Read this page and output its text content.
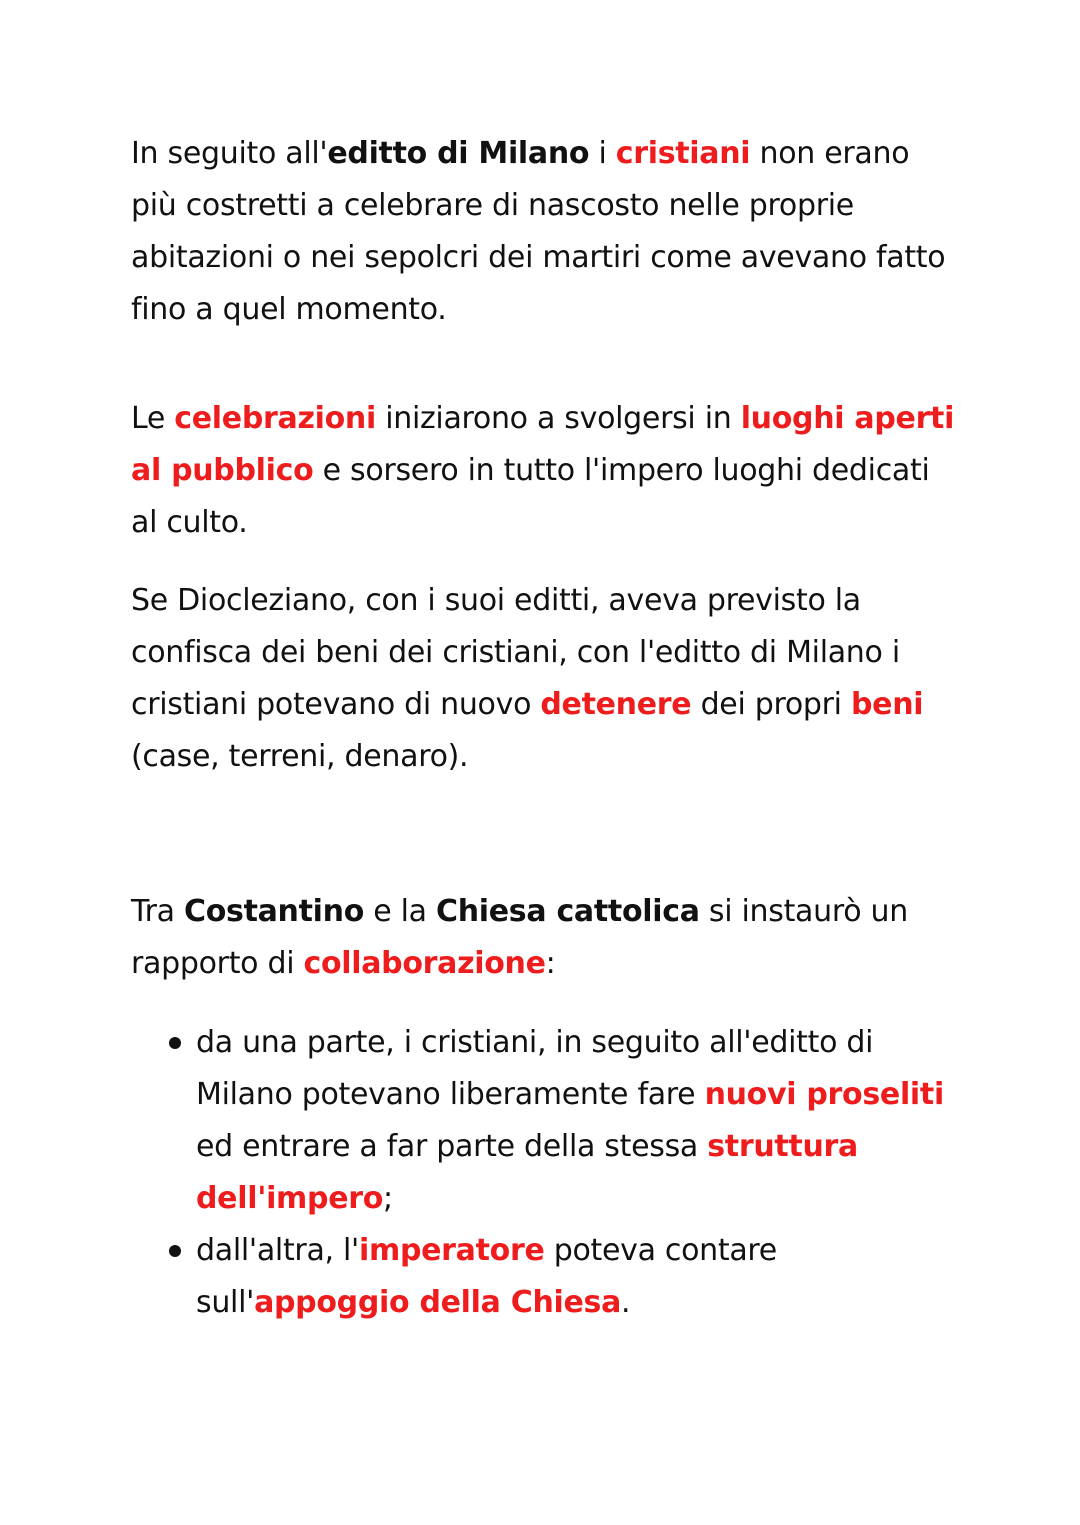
In seguito all'editto di Milano i cristiani non erano più costretti a celebrare di nascosto nelle proprie abitazioni o nei sepolcri dei martiri come avevano fatto fino a quel momento.

Le celebrazioni iniziarono a svolgersi in luoghi aperti al pubblico e sorsero in tutto l'impero luoghi dedicati al culto.

Se Diocleziano, con i suoi editti, aveva previsto la confisca dei beni dei cristiani, con l'editto di Milano i cristiani potevano di nuovo detenere dei propri beni (case, terreni, denaro).

Tra Costantino e la Chiesa cattolica si instaurò un rapporto di collaborazione:

da una parte, i cristiani, in seguito all'editto di Milano potevano liberamente fare nuovi proseliti ed entrare a far parte della stessa struttura dell'impero;
dall'altra, l'imperatore poteva contare sull'appoggio della Chiesa.
